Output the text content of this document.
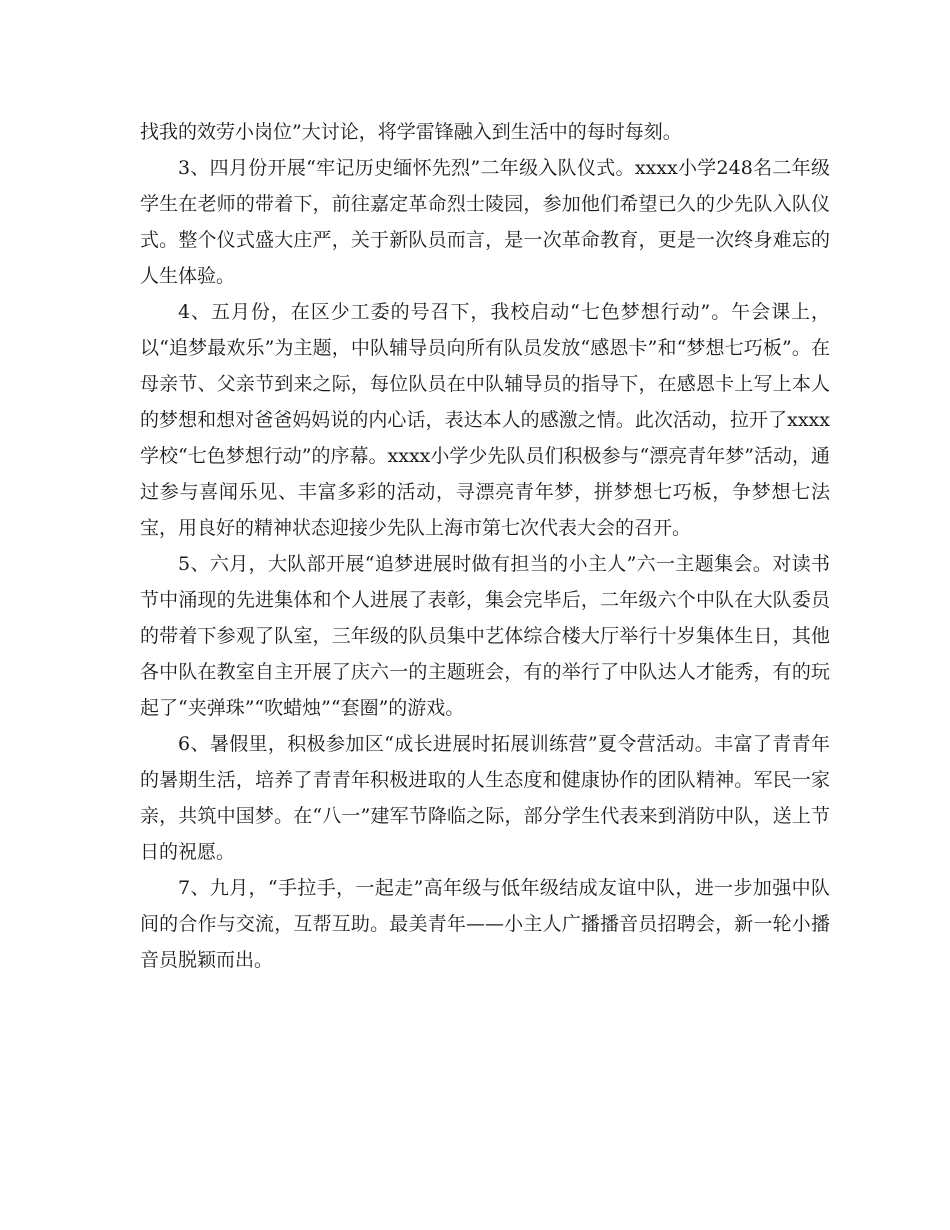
找我的效劳小岗位”大讨论，将学雷锋融入到生活中的每时每刻。

3、四月份开展“牢记历史缅怀先烈”二年级入队仪式。xxxx小学248名二年级学生在老师的带着下，前往嘉定革命烈士陵园，参加他们希望已久的少先队入队仪式。整个仪式盛大庄严，关于新队员而言，是一次革命教育，更是一次终身难忘的人生体验。

4、五月份，在区少工委的号召下，我校启动“七色梦想行动”。午会课上，以“追梦最欢乐”为主题，中队辅导员向所有队员发放“感恩卡”和“梦想七巧板”。在母亲节、父亲节到来之际，每位队员在中队辅导员的指导下，在感恩卡上写上本人的梦想和想对爸爸妈妈说的内心话，表达本人的感激之情。此次活动，拉开了xxxx学校“七色梦想行动”的序幕。xxxx小学少先队员们积极参与“漂亮青年梦”活动，通过参与喜闻乐见、丰富多彩的活动，寻漂亮青年梦，拼梦想七巧板，争梦想七法宝，用良好的精神状态迎接少先队上海市第七次代表大会的召开。

5、六月，大队部开展“追梦进展时做有担当的小主人”六一主题集会。对读书节中涌现的先进集体和个人进展了表彰，集会完毕后，二年级六个中队在大队委员的带着下参观了队室，三年级的队员集中艺体综合楼大厅举行十岁集体生日，其他各中队在教室自主开展了庆六一的主题班会，有的举行了中队达人才能秀，有的玩起了“夹弹珠”“吹蜡烛”“套圈”的游戏。

6、暑假里，积极参加区“成长进展时拓展训练营”夏令营活动。丰富了青青年的暑期生活，培养了青青年积极进取的人生态度和健康协作的团队精神。军民一家亲，共筑中国梦。在“八一”建军节降临之际，部分学生代表来到消防中队，送上节日的祝愿。

7、九月，“手拉手，一起走”高年级与低年级结成友谊中队，进一步加强中队间的合作与交流，互帮互助。最美青年——小主人广播播音员招聘会，新一轮小播音员脱颖而出。
